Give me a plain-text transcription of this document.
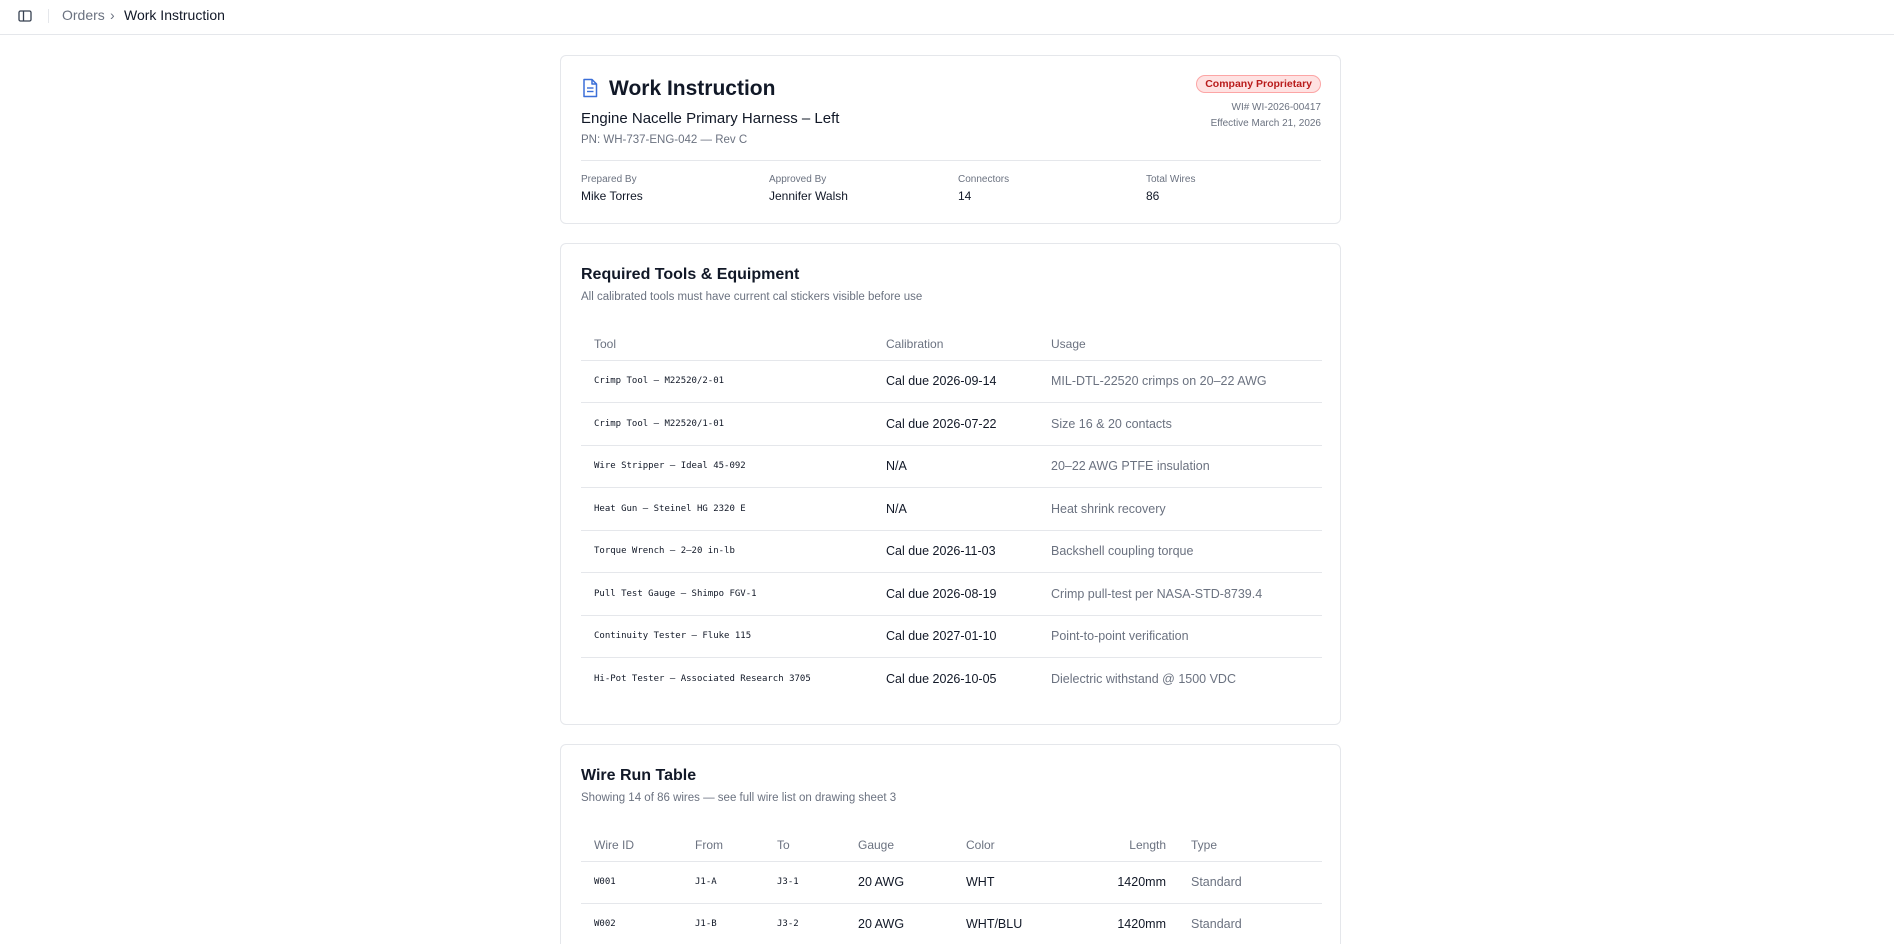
Orders › Work Instruction
Work Instruction	Company Proprietary
WI# WI-2026-00417
Effective March 21, 2026
Engine Nacelle Primary Harness – Left
PN: WH-737-ENG-042 — Rev C
Prepared By
Mike Torres
Approved By
Jennifer Walsh
Connectors
14
Total Wires
86
Required Tools & Equipment
All calibrated tools must have current cal stickers visible before use
Tool	Calibration	Usage
Crimp Tool – M22520/2-01	Cal due 2026-09-14	MIL-DTL-22520 crimps on 20–22 AWG
Crimp Tool – M22520/1-01	Cal due 2026-07-22	Size 16 & 20 contacts
Wire Stripper – Ideal 45-092	N/A	20–22 AWG PTFE insulation
Heat Gun – Steinel HG 2320 E	N/A	Heat shrink recovery
Torque Wrench – 2–20 in-lb	Cal due 2026-11-03	Backshell coupling torque
Pull Test Gauge – Shimpo FGV-1	Cal due 2026-08-19	Crimp pull-test per NASA-STD-8739.4
Continuity Tester – Fluke 115	Cal due 2027-01-10	Point-to-point verification
Hi-Pot Tester – Associated Research 3705	Cal due 2026-10-05	Dielectric withstand @ 1500 VDC
Wire Run Table
Showing 14 of 86 wires — see full wire list on drawing sheet 3
Wire ID	From	To	Gauge	Color	Length	Type
W001	J1-A	J3-1	20 AWG	WHT	1420mm	Standard
W002	J1-B	J3-2	20 AWG	WHT/BLU	1420mm	Standard
